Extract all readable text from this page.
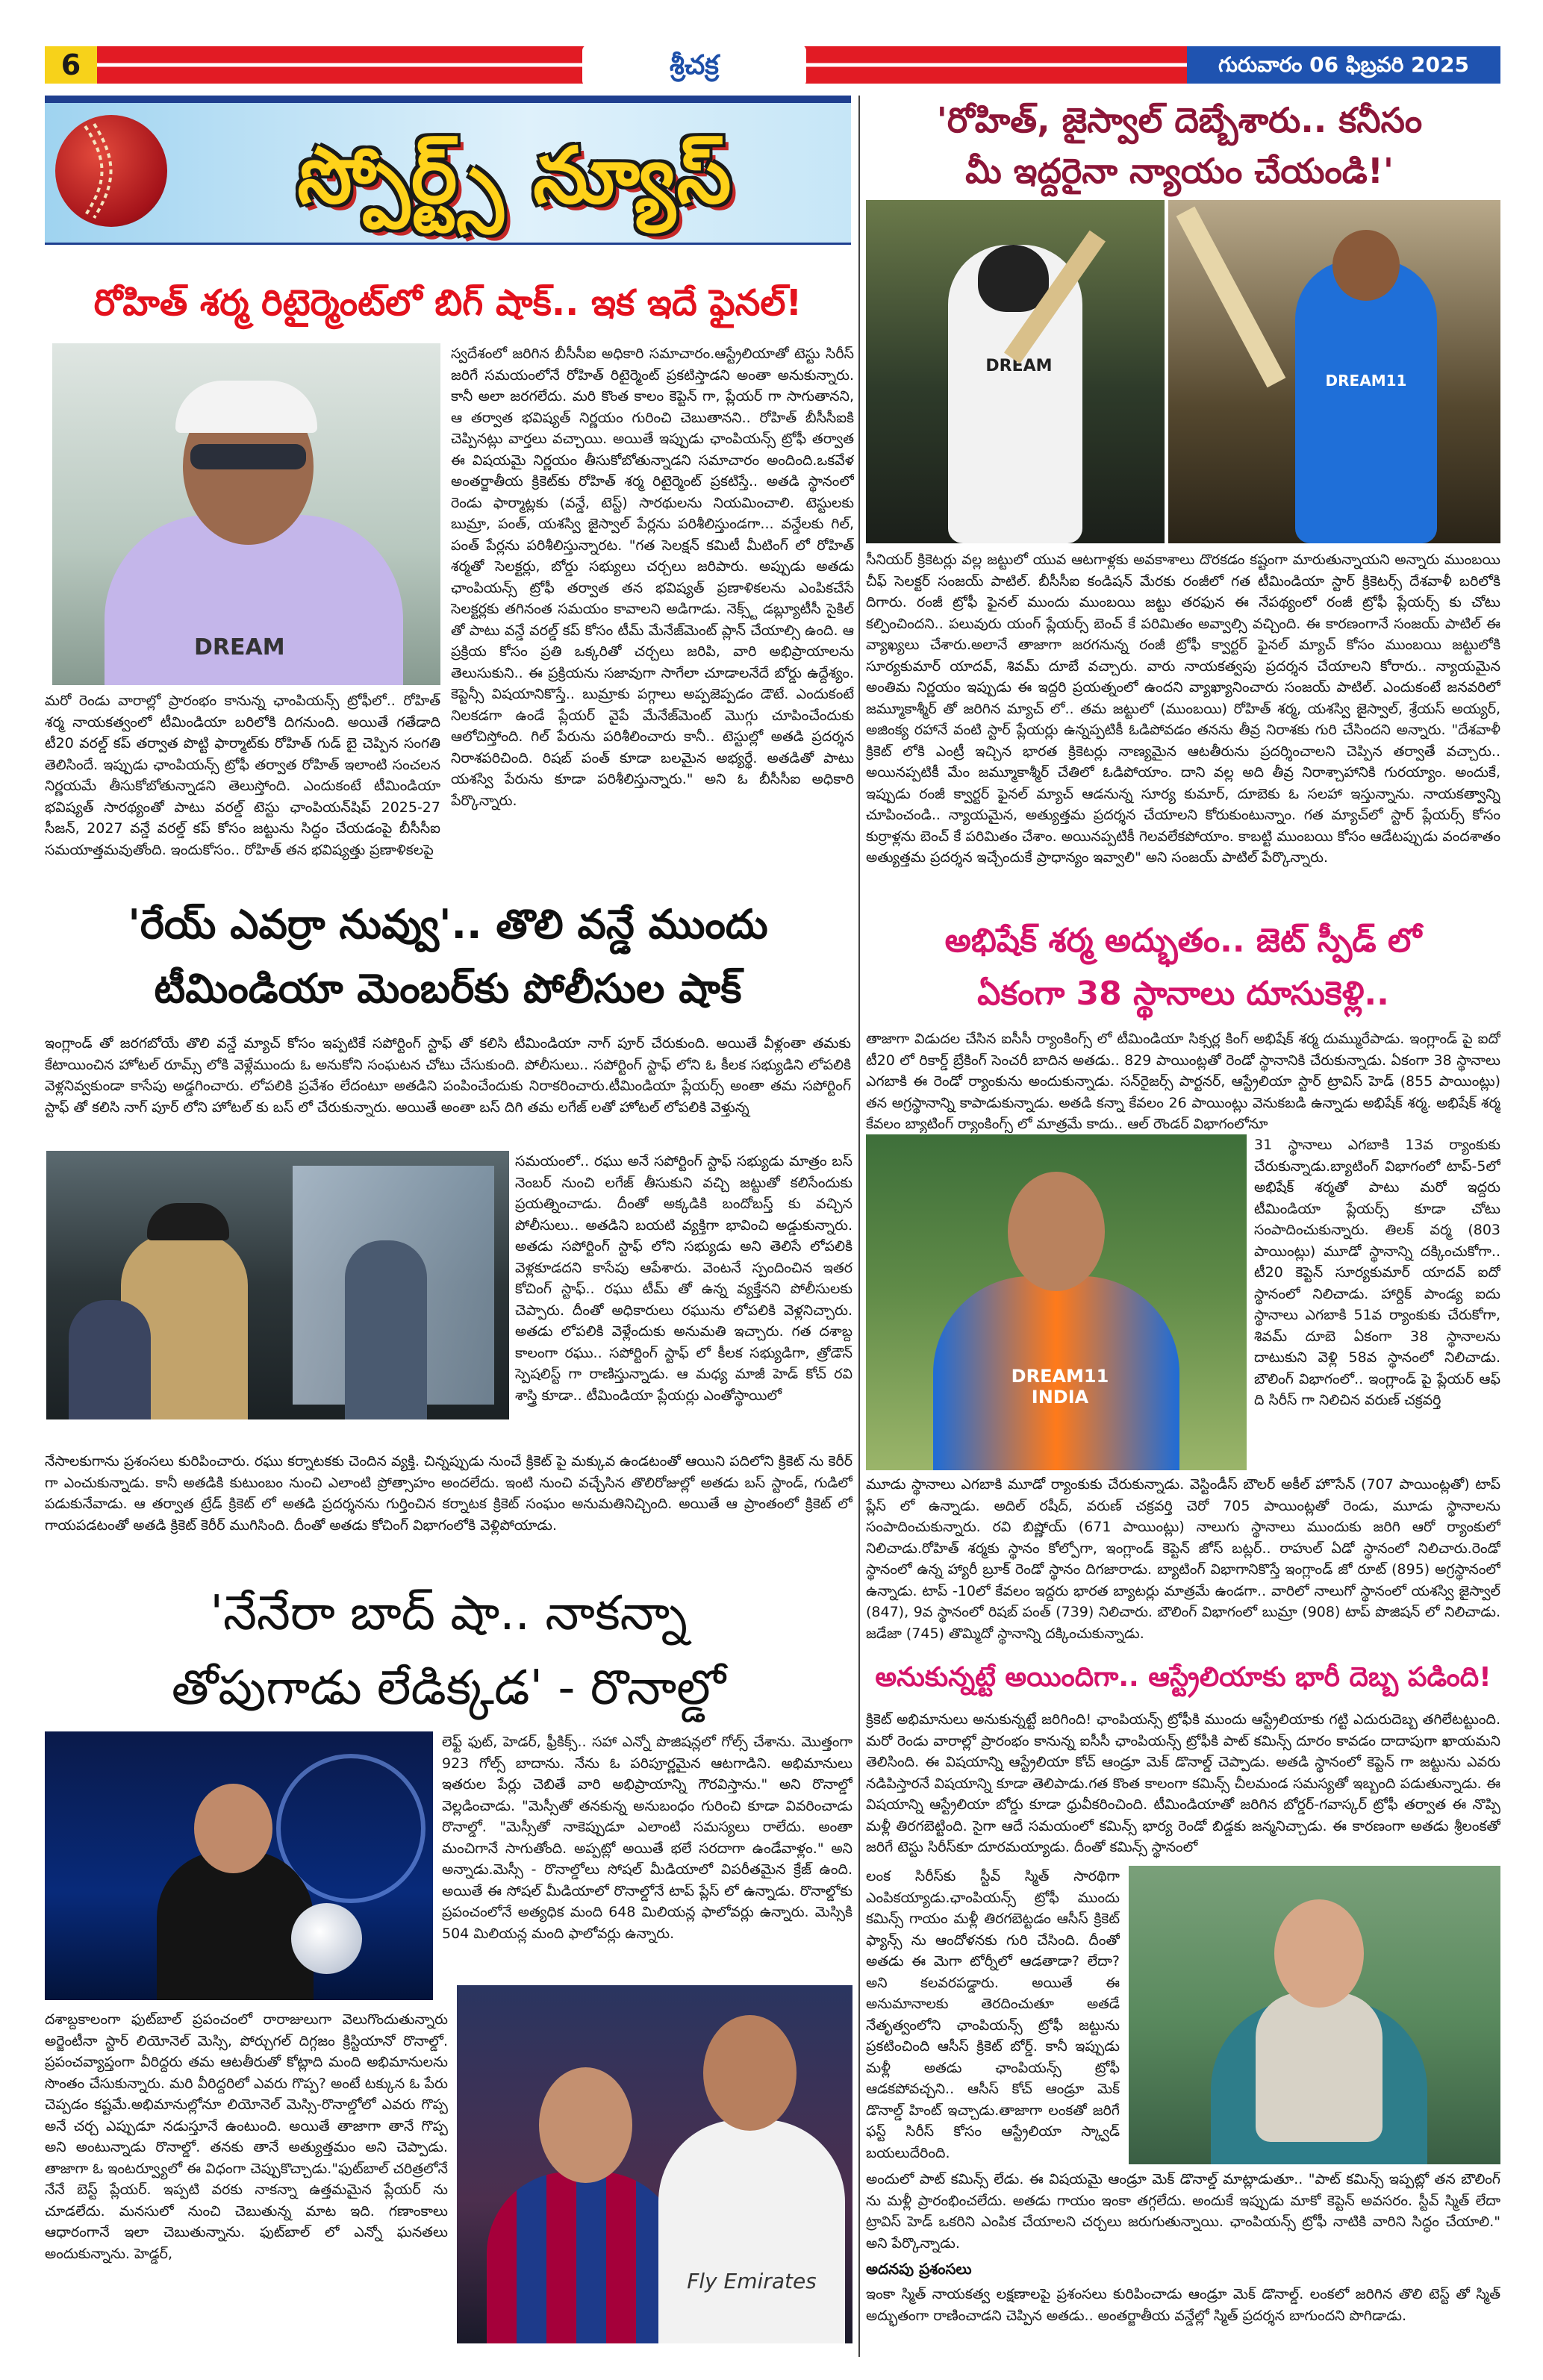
6	శ్రీచక్ర	గురువారం 06 ఫిబ్రవరి 2025
స్పోర్ట్స్ న్యూస్
'రోహిత్, జైస్వాల్ దెబ్బేశారు.. కనీసం
మీ ఇద్దరైనా న్యాయం చేయండి!'
DREAM
DREAM11
సీనియర్ క్రికెటర్లు వల్ల జట్టులో యువ ఆటగాళ్లకు అవకాశాలు దొరకడం కష్టంగా మారుతున్నాయని అన్నారు ముంబయి చీఫ్ సెలక్టర్ సంజయ్ పాటిల్. బీసీసీఐ కండిషన్ మేరకు రంజీలో గత టీమిండియా స్టార్ క్రికెటర్స్ దేశవాళీ బరిలోకి దిగారు. రంజీ ట్రోఫీ ఫైనల్ ముందు ముంబయి జట్టు తరఫున ఈ నేపథ్యంలో రంజీ ట్రోఫీ ప్లేయర్స్ కు చోటు కల్పించిందని.. పలువురు యంగ్ ప్లేయర్స్ బెంచ్ కే పరిమితం అవ్వాల్సి వచ్చింది. ఈ కారణంగానే సంజయ్ పాటిల్ ఈ వ్యాఖ్యలు చేశారు.అలానే తాజాగా జరగనున్న రంజీ ట్రోఫీ క్వార్టర్ ఫైనల్ మ్యాచ్ కోసం ముంబయి జట్టులోకి సూర్యకుమార్ యాదవ్, శివమ్ దూబే వచ్చారు. వారు నాయకత్వపు ప్రదర్శన చేయాలని కోరారు.. న్యాయమైన అంతిమ నిర్ణయం ఇప్పుడు ఈ ఇద్దరి ప్రయత్నంలో ఉందని వ్యాఖ్యానించారు సంజయ్ పాటిల్. ఎందుకంటే జనవరిలో జమ్మూకాశ్మీర్ తో జరిగిన మ్యాచ్ లో.. తమ జట్టులో (ముంబయి) రోహిత్ శర్మ, యశస్వి జైస్వాల్, శ్రేయస్ అయ్యర్, అజింక్య రహానే వంటి స్టార్ ప్లేయర్లు ఉన్నప్పటికీ ఓడిపోవడం తనను తీవ్ర నిరాశకు గురి చేసిందని అన్నారు. "దేశవాళీ క్రికెట్ లోకి ఎంట్రీ ఇచ్చిన భారత క్రికెటర్లు నాణ్యమైన ఆటతీరును ప్రదర్శించాలని చెప్పిన తర్వాతే వచ్చారు.. అయినప్పటికీ మేం జమ్మూకాశ్మీర్ చేతిలో ఓడిపోయాం. దాని వల్ల అది తీవ్ర నిరాశ్చాహానికి గురయ్యాం. అందుకే, ఇప్పుడు రంజీ క్వార్టర్ ఫైనల్ మ్యాచ్ ఆడనున్న సూర్య కుమార్, దూబెకు ఓ సలహా ఇస్తున్నాను. నాయకత్వాన్ని చూపించండి.. న్యాయమైన, అత్యుత్తమ ప్రదర్శన చేయాలని కోరుకుంటున్నాం. గత మ్యాచ్‌లో స్టార్ ప్లేయర్స్ కోసం కుర్రాళ్లను బెంచ్ కే పరిమితం చేశాం. అయినప్పటికీ గెలవలేకపోయాం. కాబట్టి ముంబయి కోసం ఆడేటప్పుడు వందశాతం అత్యుత్తమ ప్రదర్శన ఇచ్చేందుకే ప్రాధాన్యం ఇవ్వాలి" అని సంజయ్ పాటిల్ పేర్కొన్నారు.
రోహిత్ శర్మ రిటైర్మెంట్‌లో బిగ్ షాక్.. ఇక ఇదే ఫైనల్!
DREAM
స్వదేశంలో జరిగిన బీసీసీఐ అధికారి సమాచారం.ఆస్ట్రేలియాతో టెస్టు సిరీస్ జరిగే సమయంలోనే రోహిత్ రిటైర్మెంట్ ప్రకటిస్తాడని అంతా అనుకున్నారు. కానీ అలా జరగలేదు. మరి కొంత కాలం కెప్టెన్ గా, ప్లేయర్ గా సాగుతానని, ఆ తర్వాత భవిష్యత్ నిర్ణయం గురించి చెబుతానని.. రోహిత్ బీసీసీఐకి చెప్పినట్లు వార్తలు వచ్చాయి. అయితే ఇప్పుడు ఛాంపియన్స్ ట్రోఫీ తర్వాత ఈ విషయమై నిర్ణయం తీసుకోబోతున్నాడని సమాచారం అందింది.ఒకవేళ అంతర్జాతీయ క్రికెట్‌కు రోహిత్ శర్మ రిటైర్మెంట్ ప్రకటిస్తే.. అతడి స్థానంలో రెండు ఫార్మాట్లకు (వన్డే, టెస్ట్) సారథులను నియమించాలి. టెస్టులకు బుమ్రా, పంత్, యశస్వి జైస్వాల్ పేర్లను పరిశీలిస్తుండగా... వన్డేలకు గిల్, పంత్ పేర్లను పరిశీలిస్తున్నారట. "గత సెలక్షన్ కమిటీ మీటింగ్ లో రోహిత్ శర్మతో సెలక్టర్లు, బోర్డు సభ్యులు చర్చలు జరిపారు. అప్పుడు అతడు ఛాంపియన్స్ ట్రోఫీ తర్వాత తన భవిష్యత్ ప్రణాళికలను ఎంపికచేసే సెలక్టర్లకు తగినంత సమయం కావాలని అడిగాడు. నెక్స్ట్ డబ్ల్యూటీసీ సైకిల్ తో పాటు వన్డే వరల్డ్ కప్ కోసం టీమ్ మేనేజ్‌మెంట్ ప్లాన్ చేయాల్సి ఉంది. ఆ ప్రక్రియ కోసం ప్రతి ఒక్కరితో చర్చలు జరిపి, వారి అభిప్రాయాలను తెలుసుకుని.. ఈ ప్రక్రియను సజావుగా సాగేలా చూడాలనేదే బోర్డు ఉద్దేశ్యం. కెప్టెన్సీ విషయానికొస్తే.. బుమ్రాకు పగ్గాలు అప్పజెప్పడం డౌటే. ఎందుకంటే నిలకడగా ఉండే ప్లేయర్ వైపే మేనేజ్‌మెంట్ మొగ్గు చూపించేందుకు ఆలోచిస్తోంది. గిల్ పేరును పరిశీలించారు కానీ.. టెస్టుల్లో అతడి ప్రదర్శన నిరాశపరిచింది. రిషబ్ పంత్ కూడా బలమైన అభ్యర్థే. అతడితో పాటు యశస్వి పేరును కూడా పరిశీలిస్తున్నారు." అని ఓ బీసీసీఐ అధికారి పేర్కొన్నారు.
మరో రెండు వారాల్లో ప్రారంభం కానున్న ఛాంపియన్స్ ట్రోఫీలో.. రోహిత్ శర్మ నాయకత్వంలో టీమిండియా బరిలోకి దిగనుంది. అయితే గతేడాది టీ20 వరల్డ్ కప్ తర్వాత పొట్టి ఫార్మాట్‌కు రోహిత్ గుడ్ బై చెప్పిన సంగతి తెలిసిందే. ఇప్పుడు ఛాంపియన్స్ ట్రోఫీ తర్వాత రోహిత్ ఇలాంటి సంచలన నిర్ణయమే తీసుకోబోతున్నాడని తెలుస్తోంది. ఎందుకంటే టీమిండియా భవిష్యత్ సారథ్యంతో పాటు వరల్డ్ టెస్టు ఛాంపియన్‌షిప్ 2025-27 సీజన్, 2027 వన్డే వరల్డ్ కప్ కోసం జట్టును సిద్ధం చేయడంపై బీసీసీఐ సమయాత్తమవుతోంది. ఇందుకోసం.. రోహిత్ తన భవిష్యత్తు ప్రణాళికలపై
'రేయ్ ఎవర్రా నువ్వు'.. తొలి వన్డే ముందు
టీమిండియా మెంబర్‌కు పోలీసుల షాక్
ఇంగ్లాండ్ తో జరగబోయే తొలి వన్డే మ్యాచ్ కోసం ఇప్పటికే సపోర్టింగ్ స్టాఫ్ తో కలిసి టీమిండియా నాగ్ పూర్ చేరుకుంది. అయితే వీళ్లంతా తమకు కేటాయించిన హోటల్ రూమ్స్ లోకి వెళ్లేముందు ఓ అనుకోని సంఘటన చోటు చేసుకుంది. పోలీసులు.. సపోర్టింగ్ స్టాఫ్ లోని ఓ కీలక సభ్యుడిని లోపలికి వెళ్లనివ్వకుండా కాసేపు అడ్డగించారు. లోపలికి ప్రవేశం లేదంటూ అతడిని పంపించేందుకు నిరాకరించారు.టీమిండియా ప్లేయర్స్ అంతా తమ సపోర్టింగ్ స్టాఫ్ తో కలిసి నాగ్ పూర్ లోని హోటల్ కు బస్ లో చేరుకున్నారు. అయితే అంతా బస్ దిగి తమ లగేజ్ లతో హోటల్ లోపలికి వెళ్తున్న
సమయంలో.. రఘు అనే సపోర్టింగ్ స్టాఫ్ సభ్యుడు మాత్రం బస్ నెంబర్ నుంచి లగేజ్ తీసుకుని వచ్చి జట్టుతో కలిసేందుకు ప్రయత్నించాడు. దీంతో అక్కడికి బందోబస్త్ కు వచ్చిన పోలీసులు.. అతడిని బయటి వ్యక్తిగా భావించి అడ్డుకున్నారు. అతడు సపోర్టింగ్ స్టాఫ్ లోని సభ్యుడు అని తెలిసే లోపలికి వెళ్లకూడదని కాసేపు ఆపేశారు. వెంటనే స్పందించిన ఇతర కోచింగ్ స్టాఫ్.. రఘు టీమ్ తో ఉన్న వ్యక్తేనని పోలీసులకు చెప్పారు. దీంతో అధికారులు రఘును లోపలికి వెళ్లనిచ్చారు. అతడు లోపలికి వెళ్లేందుకు అనుమతి ఇచ్చారు. గత దశాబ్ద కాలంగా రఘు.. సపోర్టింగ్ స్టాఫ్ లో కీలక సభ్యుడిగా, త్రోడౌన్ స్పెషలిస్ట్ గా రాణిస్తున్నాడు. ఆ మధ్య మాజీ హెడ్ కోచ్ రవి శాస్త్రి కూడా.. టీమిండియా ప్లేయర్లు ఎంతోస్థాయిలో
నేసాలకుగాను ప్రశంసలు కురిపించారు. రఘు కర్నాటకకు చెందిన వ్యక్తి. చిన్నప్పుడు నుంచే క్రికెట్ పై మక్కువ ఉండటంతో ఆయిని పదిలోని క్రికెట్ ను కెరీర్ గా ఎంచుకున్నాడు. కానీ అతడికి కుటుంబం నుంచి ఎలాంటి ప్రోత్సాహం అందలేదు. ఇంటి నుంచి వచ్చేసిన తొలిరోజుల్లో అతడు బస్ స్టాండ్, గుడిలో పడుకునేవాడు. ఆ తర్వాత ట్రేడ్ క్రికెట్ లో అతడి ప్రదర్శనను గుర్తించిన కర్నాటక క్రికెట్ సంఘం అనుమతినిచ్చింది. అయితే ఆ ప్రాంతంలో క్రికెట్ లో గాయపడటంతో అతడి క్రికెట్ కెరీర్ ముగిసింది. దీంతో అతడు కోచింగ్ విభాగంలోకి వెళ్లిపోయాడు.
'నేనేరా బాద్ షా.. నాకన్నా
తోపుగాడు లేడిక్కడ' - రొనాల్డో
లెఫ్ట్ ఫుట్, హెడర్, ఫ్రీకిక్స్.. సహా ఎన్నో పొజిషన్లలో గోల్స్ చేశాను. మొత్తంగా 923 గోల్స్ బాదాను. నేను ఓ పరిపూర్ణమైన ఆటగాడిని. అభిమానులు ఇతరుల పేర్లు చెబితే వారి అభిప్రాయాన్ని గౌరవిస్తాను." అని రొనాల్డో వెల్లడించాడు. "మెస్సీతో తనకున్న అనుబంధం గురించి కూడా వివరించాడు రొనాల్డో. "మెస్సీతో నాకెప్పుడూ ఎలాంటి సమస్యలు రాలేదు. అంతా మంచిగానే సాగుతోంది. అప్పట్లో అయితే భలే సరదాగా ఉండేవాళ్లం." అని అన్నాడు.మెస్సీ - రొనాల్డో‌లు సోషల్ మీడియాలో విపరీతమైన క్రేజ్ ఉంది. అయితే ఈ సోషల్ మీడియాలో రొనాల్డోనే టాప్ ప్లేస్ లో ఉన్నాడు. రొనాల్డోకు ప్రపంచంలోనే అత్యధిక మంది 648 మిలియన్ల ఫాలోవర్లు ఉన్నారు. మెస్సికి 504 మిలియన్ల మంది ఫాలోవర్లు ఉన్నారు.
Fly Emirates
దశాబ్దకాలంగా ఫుట్‌బాల్ ప్రపంచంలో రారాజులుగా వెలుగొందుతున్నారు అర్జెంటీనా స్టార్ లియోనెల్ మెస్సి, పోర్చుగల్ దిగ్గజం క్రిస్టియానో రొనాల్డో. ప్రపంచవ్యాప్తంగా వీరిద్దరు తమ ఆటతీరుతో కోట్లాది మంది అభిమానులను సొంతం చేసుకున్నారు. మరి వీరిద్దరిలో ఎవరు గొప్ప? అంటే టక్కున ఓ పేరు చెప్పడం కష్టమే.అభిమానుల్లోనూ లియోనెల్ మెస్సి-రొనాల్డోలో ఎవరు గొప్ప అనే చర్చ ఎప్పుడూ నడుస్తూనే ఉంటుంది. అయితే తాజాగా తానే గొప్ప అని అంటున్నాడు రొనాల్డో. తనకు తానే అత్యుత్తమం అని చెప్పాడు. తాజాగా ఓ ఇంటర్వ్యూలో ఈ విధంగా చెప్పుకొచ్చాడు."ఫుట్‌బాల్ చరిత్రలోనే నేనే బెస్ట్ ప్లేయర్. ఇప్పటి వరకు నాకన్నా ఉత్తమమైన ప్లేయర్ ను చూడలేదు. మనసులో నుంచి చెబుతున్న మాట ఇది. గణాంకాలు ఆధారంగానే ఇలా చెబుతున్నాను. ఫుట్‌బాల్ లో ఎన్నో ఘనతలు అందుకున్నాను. హెడ్డర్,
అభిషేక్ శర్మ అద్భుతం.. జెట్ స్పీడ్ లో
ఏకంగా 38 స్థానాలు దూసుకెళ్లి..
తాజాగా విడుదల చేసిన ఐసీసీ ర్యాంకింగ్స్ లో టీమిండియా సిక్సర్ల కింగ్ అభిషేక్ శర్మ దుమ్మురేపాడు. ఇంగ్లాండ్ పై ఐదో టీ20 లో రికార్డ్ బ్రేకింగ్ సెంచరీ బాదిన అతడు.. 829 పాయింట్లతో రెండో స్థానానికి చేరుకున్నాడు. ఏకంగా 38 స్థానాలు ఎగబాకి ఈ రెండో ర్యాంకును అందుకున్నాడు. సన్‌రైజర్స్ పార్టనర్, ఆస్ట్రేలియా స్టార్ ట్రావిస్ హెడ్ (855 పాయింట్లు) తన అగ్రస్థానాన్ని కాపాడుకున్నాడు. అతడి కన్నా కేవలం 26 పాయింట్లు వెనుకబడి ఉన్నాడు అభిషేక్ శర్మ. అభిషేక్ శర్మ కేవలం బ్యాటింగ్ ర్యాంకింగ్స్ లో మాత్రమే కాదు.. ఆల్ రౌండర్ విభాగంలోనూ
DREAM11 INDIA
31 స్థానాలు ఎగబాకి 13వ ర్యాంకుకు చేరుకున్నాడు.బ్యాటింగ్ విభాగంలో టాప్-5లో అభిషేక్ శర్మతో పాటు మరో ఇద్దరు టీమిండియా ప్లేయర్స్ కూడా చోటు సంపాదించుకున్నారు. తిలక్ వర్మ (803 పాయింట్లు) మూడో స్థానాన్ని దక్కించుకోగా.. టీ20 కెప్టెన్ సూర్యకుమార్ యాదవ్ ఐదో స్థానంలో నిలిచాడు. హార్దిక్ పాండ్య ఐదు స్థానాలు ఎగబాకి 51వ ర్యాంకుకు చేరుకోగా, శివమ్ దూబె ఏకంగా 38 స్థానాలను దాటుకుని వెళ్లి 58వ స్థానంలో నిలిచాడు. బౌలింగ్ విభాగంలో.. ఇంగ్లాండ్ పై ప్లేయర్ ఆఫ్ ది సిరీస్ గా నిలిచిన వరుణ్ చక్రవర్తి
మూడు స్థానాలు ఎగబాకి మూడో ర్యాంకుకు చేరుకున్నాడు. వెస్టిండీస్ బౌలర్ అకీల్ హొసేన్ (707 పాయింట్లతో) టాప్ ప్లేస్ లో ఉన్నాడు. అదిల్ రషీద్, వరుణ్ చక్రవర్తి చెరో 705 పాయింట్లతో రెండు, మూడు స్థానాలను సంపాదించుకున్నారు. రవి బిష్ణోయ్ (671 పాయింట్లు) నాలుగు స్థానాలు ముందుకు జరిగి ఆరో ర్యాంకులో నిలిచాడు.రోహిత్ శర్మకు స్థానం కోల్పోగా, ఇంగ్లాండ్ కెప్టెన్ జోస్ బట్లర్.. రాహుల్ ఏడో స్థానంలో నిలిచారు.రెండో స్థానంలో ఉన్న హ్యారీ బ్రూక్ రెండో స్థానం దిగజారాడు. బ్యాటింగ్ విభాగానికొస్తే ఇంగ్లాండ్ జో రూట్ (895) అగ్రస్థానంలో ఉన్నాడు. టాప్ -10లో కేవలం ఇద్దరు భారత బ్యాటర్లు మాత్రమే ఉండగా.. వారిలో నాలుగో స్థానంలో యశస్వి జైస్వాల్ (847), 9వ స్థానంలో రిషబ్ పంత్ (739) నిలిచారు. బౌలింగ్ విభాగంలో బుమ్రా (908) టాప్ పొజిషన్ లో నిలిచాడు. జడేజా (745) తొమ్మిదో స్థానాన్ని దక్కించుకున్నాడు.
అనుకున్నట్టే అయిందిగా.. ఆస్ట్రేలియాకు భారీ దెబ్బ పడింది!
క్రికెట్ అభిమానులు అనుకున్నట్టే జరిగింది! ఛాంపియన్స్ ట్రోఫీకి ముందు ఆస్ట్రేలియాకు గట్టి ఎదురుదెబ్బ తగిలేటట్టుంది. మరో రెండు వారాల్లో ప్రారంభం కానున్న ఐసీసీ ఛాంపియన్స్ ట్రోఫీకి పాట్ కమిన్స్ దూరం కావడం దాదాపుగా ఖాయమని తెలిసింది. ఈ విషయాన్ని ఆస్ట్రేలియా కోచ్ ఆండ్రూ మెక్ డొనాల్డ్ చెప్పాడు. అతడి స్థానంలో కెప్టెన్ గా జట్టును ఎవరు నడిపిస్తారనే విషయాన్ని కూడా తెలిపాడు.గత కొంత కాలంగా కమిన్స్ చీలమండ సమస్యతో ఇబ్బంది పడుతున్నాడు. ఈ విషయాన్ని ఆస్ట్రేలియా బోర్డు కూడా ధ్రువీకరించింది. టీమిండియాతో జరిగిన బోర్డర్-గవాస్కర్ ట్రోఫీ తర్వాత ఈ నొప్పి మళ్లీ తిరగబెట్టింది. సైగా ఆదే సమయంలో కమిన్స్ భార్య రెండో బిడ్డకు జన్మనిచ్చాడు. ఈ కారణంగా అతడు శ్రీలంకతో జరిగే టెస్టు సిరీస్‌కూ దూరమయ్యాడు. దీంతో కమిన్స్ స్థానంలో
లంక సిరీస్‌కు స్టీవ్ స్మిత్ సారథిగా ఎంపికయ్యాడు.ఛాంపియన్స్ ట్రోఫీ ముందు కమిన్స్ గాయం మళ్లీ తిరగబెట్టడం ఆసీస్ క్రికెట్ ఫ్యాన్స్ ను ఆందోళనకు గురి చేసింది. దీంతో అతడు ఈ మెగా టోర్నీలో ఆడతాడా? లేదా? అని కలవరపడ్డారు. అయితే ఈ అనుమానాలకు తెరదించుతూ అతడే నేతృత్వంలోని ఛాంపియన్స్ ట్రోఫీ జట్టును ప్రకటించింది ఆసీస్ క్రికెట్ బోర్డ్. కానీ ఇప్పుడు మళ్లీ అతడు ఛాంపియన్స్ ట్రోఫీ ఆడకపోవచ్చని.. ఆసీస్ కోచ్ ఆండ్రూ మెక్ డొనాల్డ్ హింట్ ఇచ్చాడు.తాజాగా లంకతో జరిగే ఫస్ట్ సిరీస్ కోసం ఆస్ట్రేలియా స్క్వాడ్ బయలుదేరింది.
అందులో పాట్ కమిన్స్ లేడు. ఈ విషయమై ఆండ్రూ మెక్ డొనాల్డ్ మాట్లాడుతూ.. "పాట్ కమిన్స్ ఇప్పట్లో తన బౌలింగ్ ను మళ్లీ ప్రారంభించలేదు. అతడు గాయం ఇంకా తగ్గలేదు. అందుకే ఇప్పుడు మాకో కెప్టెన్ అవసరం. స్టీవ్ స్మిత్ లేదా ట్రావిస్ హెడ్ ఒకరిని ఎంపిక చేయాలని చర్చలు జరుగుతున్నాయి. ఛాంపియన్స్ ట్రోఫీ నాటికి వారిని సిద్ధం చేయాలి." అని పేర్కొన్నాడు.
అదనపు ప్రశంసలు
ఇంకా స్మిత్ నాయకత్వ లక్షణాలపై ప్రశంసలు కురిపించాడు ఆండ్రూ మెక్ డొనాల్డ్. లంకలో జరిగిన తొలి టెస్ట్ తో స్మిత్ అద్భుతంగా రాణించాడని చెప్పిన అతడు.. అంతర్జాతీయ వన్డేల్లో స్మిత్ ప్రదర్శన బాగుందని పొగిడాడు.
